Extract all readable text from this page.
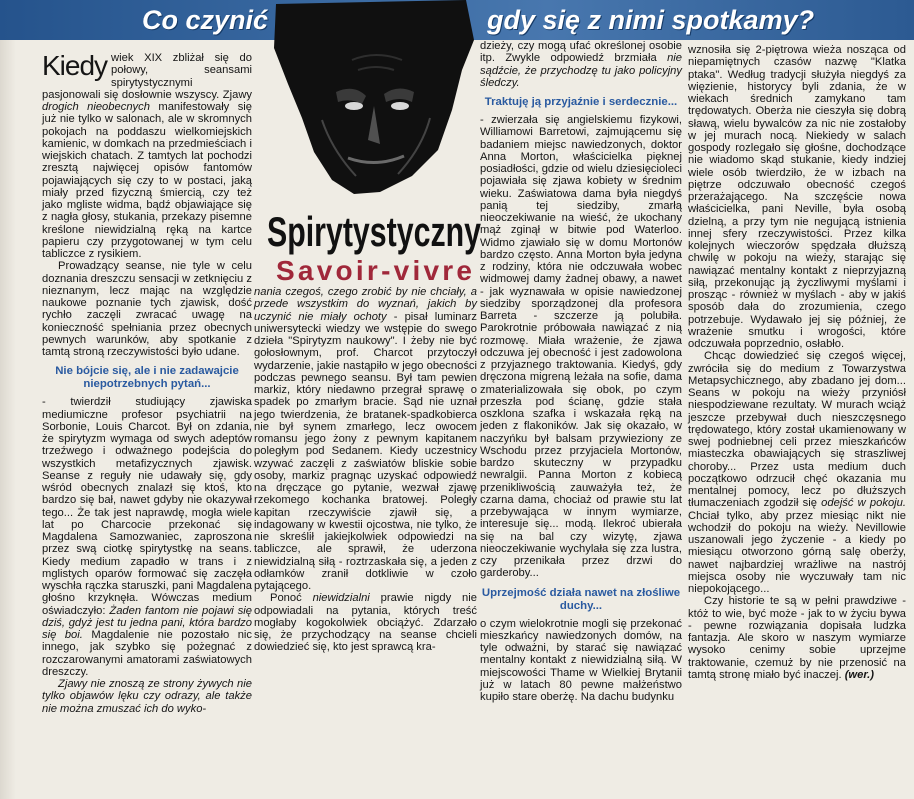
Co czynić	gdy się z nimi spotkamy?
Spirytystyczny
Savoir-vivre

Kiedy wiek XIX zbliżał się do połowy, seansami spirytystycznymi pasjonowali się dosłownie wszyscy. Zjawy drogich nieobecnych manifestowały się już nie tylko w salonach, ale w skromnych pokojach na poddaszu wielkomiejskich kamienic, w domkach na przedmieściach i wiejskich chatach. Z tamtych lat pochodzi zresztą najwięcej opisów fantomów pojawiających się czy to w postaci, jaką miały przed fizyczną śmiercią, czy też jako mgliste widma, bądź objawiające się z nagła głosy, stukania, przekazy pisemne kreślone niewidzialną ręką na kartce papieru czy przygotowanej w tym celu tabliczce z rysikiem.

Prowadzący seanse, nie tyle w celu doznania dreszczu sensacji w zetknięciu z nieznanym, lecz mając na względzie naukowe poznanie tych zjawisk, dość rychło zaczęli zwracać uwagę na konieczność spełniania przez obecnych pewnych warunków, aby spotkanie z tamtą stroną rzeczywistości było udane.

Nie bójcie się, ale i nie zadawajcie niepotrzebnych pytań...

- twierdził studiujący zjawiska mediumiczne profesor psychiatrii na Sorbonie, Louis Charcot. Był on zdania, że spirytyzm wymaga od swych adeptów trzeźwego i odważnego podejścia do wszystkich metafizycznych zjawisk. Seanse z reguły nie udawały się, gdy wśród obecnych znalazł się ktoś, kto bardzo się bał, nawet gdyby nie okazywał tego... Że tak jest naprawdę, mogła wiele lat po Charcocie przekonać się Magdalena Samozwaniec, zaproszona przez swą ciotkę spirytystkę na seans. Kiedy medium zapadło w trans i z mglistych oparów formować się zaczęła wyschła rączka staruszki, pani Magdalena głośno krzyknęła. Wówczas medium oświadczyło: Żaden fantom nie pojawi się dziś, gdyż jest tu jedna pani, która bardzo się boi. Magdalenie nie pozostało nic innego, jak szybko się pożegnać z rozczarowanymi amatorami zaświatowych dreszczy.

Zjawy nie znoszą ze strony żywych nie tylko objawów lęku czy odrazy, ale także nie można zmuszać ich do wyko-

nania czegoś, czego zrobić by nie chciały, a przede wszystkim do wyznań, jakich by uczynić nie miały ochoty - pisał luminarz uniwersytecki wiedzy we wstępie do swego dzieła "Spirytyzm naukowy". I żeby nie być gołosłownym, prof. Charcot przytoczył wydarzenie, jakie nastąpiło w jego obecności podczas pewnego seansu. Był tam pewien markiz, który niedawno przegrał sprawę o spadek po zmarłym bracie. Sąd nie uznał jego twierdzenia, że bratanek-spadkobierca nie był synem zmarłego, lecz owocem romansu jego żony z pewnym kapitanem poległym pod Sedanem. Kiedy uczestnicy wzywać zaczęli z zaświatów bliskie sobie osoby, markiz pragnąc uzyskać odpowiedź na dręczące go pytanie, wezwał zjawę rzekomego kochanka bratowej. Poległy kapitan rzeczywiście zjawił się, a indagowany w kwestii ojcostwa, nie tylko, że nie skreślił jakiejkolwiek odpowiedzi na tabliczce, ale sprawił, że uderzona niewidzialną siłą - roztrzaskała się, a jeden z odłamków zranił dotkliwie w czoło pytającego.

Ponoć niewidzialni prawie nigdy nie odpowiadali na pytania, których treść mogłaby kogokolwiek obciążyć. Zdarzało się, że przychodzący na seanse chcieli dowiedzieć się, kto jest sprawcą kra-

dzieży, czy mogą ufać określonej osobie itp. Zwykle odpowiedź brzmiała nie sądźcie, że przychodzę tu jako policyjny śledczy.

Traktuję ją przyjaźnie i serdecznie...

- zwierzała się angielskiemu fizykowi, Williamowi Barretowi, zajmującemu się badaniem miejsc nawiedzonych, doktor Anna Morton, właścicielka pięknej posiadłości, gdzie od wielu dziesięcioleci pojawiała się zjawa kobiety w średnim wieku. Zaświatowa dama była niegdyś panią tej siedziby, zmarłą nieoczekiwanie na wieść, że ukochany mąż zginął w bitwie pod Waterloo. Widmo zjawiało się w domu Mortonów bardzo często. Anna Morton była jedyna z rodziny, która nie odczuwała wobec widmowej damy żadnej obawy, a nawet - jak wyznawała w opisie nawiedzonej siedziby sporządzonej dla profesora Barreta - szczerze ją polubiła. Parokrotnie próbowała nawiązać z nią rozmowę. Miała wrażenie, że zjawa odczuwa jej obecność i jest zadowolona z przyjaznego traktowania. Kiedyś, gdy dręczona migreną leżała na sofie, dama zmaterializowała się obok, po czym przeszła pod ścianę, gdzie stała oszklona szafka i wskazała ręką na jeden z flakoników. Jak się okazało, w naczyńku był balsam przywieziony ze Wschodu przez przyjaciela Mortonów, bardzo skuteczny w przypadku newralgii. Panna Morton z kobiecą przenikliwością zauważyła też, że czarna dama, chociaż od prawie stu lat przebywająca w innym wymiarze, interesuje się... modą. Ilekroć ubierała się na bal czy wizytę, zjawa nieoczekiwanie wychylała się zza lustra, czy przenikała przez drzwi do garderoby...

Uprzejmość działa nawet na złośliwe duchy...

o czym wielokrotnie mogli się przekonać mieszkańcy nawiedzonych domów, na tyle odważni, by starać się nawiązać mentalny kontakt z niewidzialną siłą. W miejscowości Thame w Wielkiej Brytanii już w latach 80 pewne małżeństwo kupiło stare oberżę. Na dachu budynku

wznosiła się 2-piętrowa wieża nosząca od niepamiętnych czasów nazwę "Klatka ptaka". Według tradycji służyła niegdyś za więzienie, historycy byli zdania, że w wiekach średnich zamykano tam trędowatych. Oberża nie cieszyła się dobrą sławą, wielu bywalców za nic nie zostałoby w jej murach nocą. Niekiedy w salach gospody rozlegało się głośne, dochodzące nie wiadomo skąd stukanie, kiedy indziej wiele osób twierdziło, że w izbach na piętrze odczuwało obecność czegoś przerażającego. Na szczęście nowa właścicielka, pani Neville, była osobą dzielną, a przy tym nie negującą istnienia innej sfery rzeczywistości. Przez kilka kolejnych wieczorów spędzała dłuższą chwilę w pokoju na wieży, starając się nawiązać mentalny kontakt z nieprzyjazną siłą, przekonując ją życzliwymi myślami i prosząc - również w myślach - aby w jakiś sposób dała do zrozumienia, czego potrzebuje. Wydawało jej się później, że wrażenie smutku i wrogości, które odczuwała poprzednio, osłabło.

Chcąc dowiedzieć się czegoś więcej, zwróciła się do medium z Towarzystwa Metapsychicznego, aby zbadano jej dom... Seans w pokoju na wieży przyniósł niespodziewane rezultaty. W murach wciąż jeszcze przebywał duch nieszczęsnego trędowatego, który został ukamienowany w swej podniebnej celi przez mieszkańców miasteczka obawiających się straszliwej choroby... Przez usta medium duch początkowo odrzucił chęć okazania mu mentalnej pomocy, lecz po dłuższych tłumaczeniach zgodził się odejść w pokoju. Chciał tylko, aby przez miesiąc nikt nie wchodził do pokoju na wieży. Nevillowie uszanowali jego życzenie - a kiedy po miesiącu otworzono górną salę oberży, nawet najbardziej wrażliwe na nastrój miejsca osoby nie wyczuwały tam nic niepokojącego...

Czy historie te są w pełni prawdziwe - któż to wie, być może - jak to w życiu bywa - pewne rozwiązania dopisała ludzka fantazja. Ale skoro w naszym wymiarze wysoko cenimy sobie uprzejme traktowanie, czemuż by nie przenosić na tamtą stronę miało być inaczej. (wer.)
